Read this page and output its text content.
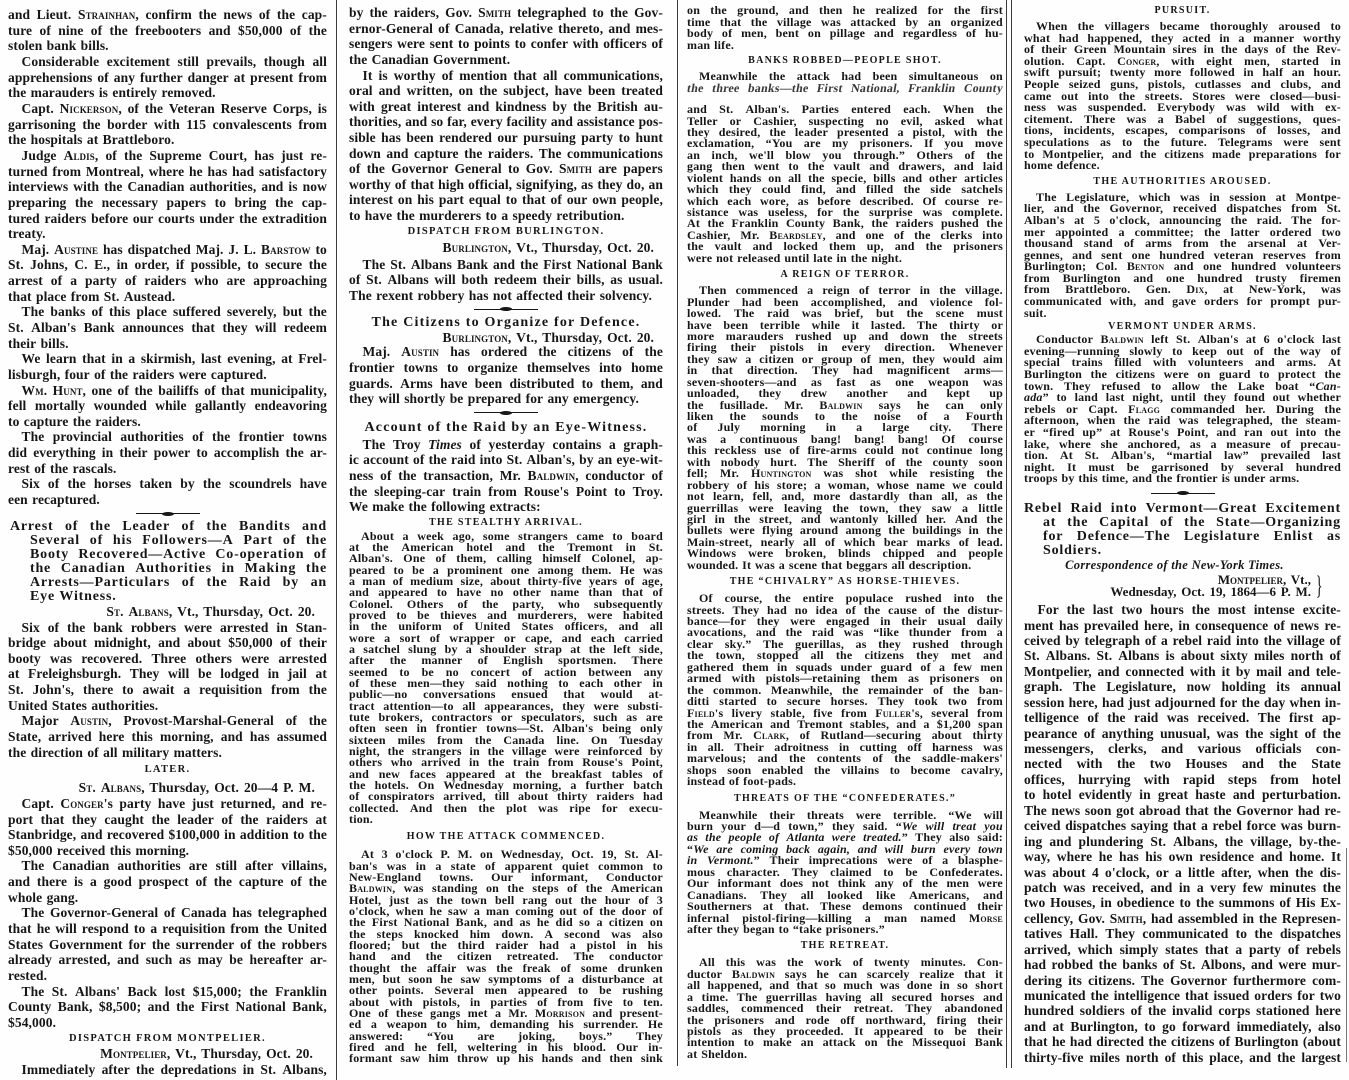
and Lieut. Strainhan, confirm the news of the cap-
ture of nine of the freebooters and $50,000 of the
stolen bank bills.
Considerable excitement still prevails, though all
apprehensions of any further danger at present from
the marauders is entirely removed.
Capt. Nickerson, of the Veteran Reserve Corps, is
garrisoning the border with 115 convalescents from
the hospitals at Brattleboro.
Judge Aldis, of the Supreme Court, has just re-
turned from Montreal, where he has had satisfactory
interviews with the Canadian authorities, and is now
preparing the necessary papers to bring the cap-
tured raiders before our courts under the extradition
treaty.
Maj. Austine has dispatched Maj. J. L. Barstow to
St. Johns, C. E., in order, if possible, to secure the
arrest of a party of raiders who are approaching
that place from St. Austead.
The banks of this place suffered severely, but the
St. Alban's Bank announces that they will redeem
their bills.
We learn that in a skirmish, last evening, at Frel-
lisburgh, four of the raiders were captured.
Wm. Hunt, one of the bailiffs of that municipality,
fell mortally wounded while gallantly endeavoring
to capture the raiders.
The provincial authorities of the frontier towns
did everything in their power to accomplish the ar-
rest of the rascals.
Six of the horses taken by the scoundrels have
een recaptured.
Arrest of the Leader of the Bandits and
Several of his Followers—A Part of the
Booty Recovered—Active Co-operation of
the Canadian Authorities in Making the
Arrests—Particulars of the Raid by an
Eye Witness.
St. Albans, Vt., Thursday, Oct. 20.
Six of the bank robbers were arrested in Stan-
bridge about midnight, and about $50,000 of their
booty was recovered. Three others were arrested
at Freleighsburgh. They will be lodged in jail at
St. John's, there to await a requisition from the
United States authorities.
Major Austin, Provost-Marshal-General of the
State, arrived here this morning, and has assumed
the direction of all military matters.
LATER.
St. Albans, Thursday, Oct. 20—4 P. M.
Capt. Conger's party have just returned, and re-
port that they caught the leader of the raiders at
Stanbridge, and recovered $100,000 in addition to the
$50,000 received this morning.
The Canadian authorities are still after villains,
and there is a good prospect of the capture of the
whole gang.
The Governor-General of Canada has telegraphed
that he will respond to a requisition from the United
States Government for the surrender of the robbers
already arrested, and such as may be hereafter ar-
rested.
The St. Albans' Back lost $15,000; the Franklin
County Bank, $8,500; and the First National Bank,
$54,000.
DISPATCH FROM MONTPELIER.
Montpelier, Vt., Thursday, Oct. 20.
Immediately after the depredations in St. Albans,
by the raiders, Gov. Smith telegraphed to the Gov-
ernor-General of Canada, relative thereto, and mes-
sengers were sent to points to confer with officers of
the Canadian Government.
It is worthy of mention that all communications,
oral and written, on the subject, have been treated
with great interest and kindness by the British au-
thorities, and so far, every facility and assistance pos-
sible has been rendered our pursuing party to hunt
down and capture the raiders. The communications
of the Governor General to Gov. Smith are papers
worthy of that high official, signifying, as they do, an
interest on his part equal to that of our own people,
to have the murderers to a speedy retribution.
DISPATCH FROM BURLINGTON.
Burlington, Vt., Thursday, Oct. 20.
The St. Albans Bank and the First National Bank
of St. Albans will both redeem their bills, as usual.
The rexent robbery has not affected their solvency.
The Citizens to Organize for Defence.
Burlington, Vt., Thursday, Oct. 20.
Maj. Austin has ordered the citizens of the
frontier towns to organize themselves into home
guards. Arms have been distributed to them, and
they will shortly be prepared for any emergency.
Account of the Raid by an Eye-Witness.
The Troy Times of yesterday contains a graph-
ic account of the raid into St. Alban's, by an eye-wit-
ness of the transaction, Mr. Baldwin, conductor of
the sleeping-car train from Rouse's Point to Troy.
We make the following extracts:
THE STEALTHY ARRIVAL.
About a week ago, some strangers came to board
at the American hotel and the Tremont in St.
Alban's. One of them, calling himself Colonel, ap-
peared to be a prominent one among them. He was
a man of medium size, about thirty-five years of age,
and appeared to have no other name than that of
Colonel. Others of the party, who subsequently
proved to be thieves and murderers, were habited
in the uniform of United States officers, and all
wore a sort of wrapper or cape, and each carried
a satchel slung by a shoulder strap at the left side,
after the manner of English sportsmen. There
seemed to be no concert of action between any
of these men—they said nothing to each other in
public—no conversations ensued that would at-
tract attention—to all appearances, they were substi-
tute brokers, contractors or speculators, such as are
often seen in frontier towns—St. Alban's being only
sixteen miles from the Canada line. On Tuesday
night, the strangers in the village were reinforced by
others who arrived in the train from Rouse's Point,
and new faces appeared at the breakfast tables of
the hotels. On Wednesday morning, a further batch
of conspirators arrived, till about thirty raiders had
collected. And then the plot was ripe for execu-
tion.
HOW THE ATTACK COMMENCED.
At 3 o'clock P. M. on Wednesday, Oct. 19, St. Al-
ban's was in a state of apparent quiet common to
New-England towns. Our informant, Conductor
Baldwin, was standing on the steps of the American
Hotel, just as the town bell rang out the hour of 3
o'clock, when he saw a man coming out of the door of
the First National Bank, and as he did so a citizen on
the steps knocked him down. A second was also
floored; but the third raider had a pistol in his
hand and the citizen retreated. The conductor
thought the affair was the freak of some drunken
men, but soon he saw symptoms of a disturbance at
other points. Several men appeared to be rushing
about with pistols, in parties of from five to ten.
One of these gangs met a Mr. Morrison and present-
ed a weapon to him, demanding his surrender. He
answered: “You are joking, boys.” They
fired and he fell, weltering in his blood. Our in-
formant saw him throw up his hands and then sink
on the ground, and then he realized for the first
time that the village was attacked by an organized
body of men, bent on pillage and regardless of hu-
man life.
BANKS ROBBED—PEOPLE SHOT.
Meanwhile the attack had been simultaneous on
the three banks—the First National, Franklin County
and St. Alban's. Parties entered each. When the
Teller or Cashier, suspecting no evil, asked what
they desired, the leader presented a pistol, with the
exclamation, “You are my prisoners. If you move
an inch, we'll blow you through.” Others of the
gang then went to the vault and drawers, and laid
violent hands on all the specie, bills and other articles
which they could find, and filled the side satchels
which each wore, as before described. Of course re-
sistance was useless, for the surprise was complete.
At the Franklin County Bank, the raiders pushed the
Cashier, Mr. Beardsley, and one of the clerks into
the vault and locked them up, and the prisoners
were not released until late in the night.
A REIGN OF TERROR.
Then commenced a reign of terror in the village.
Plunder had been accomplished, and violence fol-
lowed. The raid was brief, but the scene must
have been terrible while it lasted. The thirty or
more marauders rushed up and down the streets
firing their pistols in every direction. Whenever
they saw a citizen or group of men, they would aim
in that direction. They had magnificent arms—
seven-shooters—and as fast as one weapon was
unloaded, they drew another and kept up
the fusillade. Mr. Baldwin says he can only
liken the sounds to the noise of a Fourth
of July morning in a large city. There
was a continuous bang! bang! bang! Of course
this reckless use of fire-arms could not continue long
with nobody hurt. The Sheriff of the county soon
fell; Mr. Huntington was shot while resisting the
robbery of his store; a woman, whose name we could
not learn, fell, and, more dastardly than all, as the
guerrillas were leaving the town, they saw a little
girl in the street, and wantonly killed her. And the
bullets were flying around among the buildings in the
Main-street, nearly all of which bear marks of lead.
Windows were broken, blinds chipped and people
wounded. It was a scene that beggars all description.
THE “CHIVALRY” AS HORSE-THIEVES.
Of course, the entire populace rushed into the
streets. They had no idea of the cause of the distur-
bance—for they were engaged in their usual daily
avocations, and the raid was “like thunder from a
clear sky.” The guerillas, as they rushed through
the town, stopped all the citizens they met and
gathered them in squads under guard of a few men
armed with pistols—retaining them as prisoners on
the common. Meanwhile, the remainder of the ban-
ditti started to secure horses. They took two from
Field's livery stable, five from Fuller's, several from
the American and Tremont stables, and a $1,200 span
from Mr. Clark, of Rutland—securing about thirty
in all. Their adroitness in cutting off harness was
marvelous; and the contents of the saddle-makers'
shops soon enabled the villains to become cavalry,
instead of foot-pads.
THREATS OF THE “CONFEDERATES.”
Meanwhile their threats were terrible. “We will
burn your d—d town,” they said. “We will treat you
as the people of Atlanta were treated.” They also said:
“We are coming back again, and will burn every town
in Vermont.” Their imprecations were of a blasphe-
mous character. They claimed to be Confederates.
Our informant does not think any of the men were
Canadians. They all looked like Americans, and
Southerners at that. These demons continued their
infernal pistol-firing—killing a man named Morse
after they began to “take prisoners.”
THE RETREAT.
All this was the work of twenty minutes. Con-
ductor Baldwin says he can scarcely realize that it
all happened, and that so much was done in so short
a time. The guerrillas having all secured horses and
saddles, commenced their retreat. They abandoned
the prisoners and rode off northward, firing their
pistols as they proceeded. It appeared to be their
intention to make an attack on the Missequoi Bank
at Sheldon.
PURSUIT.
When the villagers became thoroughly aroused to
what had happened, they acted in a manner worthy
of their Green Mountain sires in the days of the Rev-
olution. Capt. Conger, with eight men, started in
swift pursuit; twenty more followed in half an hour.
People seized guns, pistols, cutlasses and clubs, and
came out into the streets. Stores were closed—busi-
ness was suspended. Everybody was wild with ex-
citement. There was a Babel of suggestions, ques-
tions, incidents, escapes, comparisons of losses, and
speculations as to the future. Telegrams were sent
to Montpelier, and the citizens made preparations for
home defence.
THE AUTHORITIES AROUSED.
The Legislature, which was in session at Montpe-
lier, and the Governor, received dispatches from St.
Alban's at 5 o'clock, announcing the raid. The for-
mer appointed a committee; the latter ordered two
thousand stand of arms from the arsenal at Ver-
gennes, and sent one hundred veteran reserves from
Burlington; Col. Benton and one hundred volunteers
from Burlington and one hundred trusty firemen
from Brattleboro. Gen. Dix, at New-York, was
communicated with, and gave orders for prompt pur-
suit.
VERMONT UNDER ARMS.
Conductor Baldwin left St. Alban's at 6 o'clock last
evening—running slowly to keep out of the way of
special trains filled with volunteers and arms. At
Burlington the citizens were on guard to protect the
town. They refused to allow the Lake boat “Can-
ada” to land last night, until they found out whether
rebels or Capt. Flagg commanded her. During the
afternoon, when the raid was telegraphed, the steam-
er “fired up” at Rouse's Point, and ran out into the
lake, where she anchored, as a measure of precau-
tion. At St. Alban's, “martial law” prevailed last
night. It must be garrisoned by several hundred
troops by this time, and the frontier is under arms.
Rebel Raid into Vermont—Great Excitement
at the Capital of the State—Organizing
for Defence—The Legislature Enlist as
Soldiers.
Correspondence of the New-York Times.
Montpelier, Vt.,
Wednesday, Oct. 19, 1864—6 P. M. }
For the last two hours the most intense excite-
ment has prevailed here, in consequence of news re-
ceived by telegraph of a rebel raid into the village of
St. Albans. St. Albans is about sixty miles north of
Montpelier, and connected with it by mail and tele-
graph. The Legislature, now holding its annual
session here, had just adjourned for the day when in-
telligence of the raid was received. The first ap-
pearance of anything unusual, was the sight of the
messengers, clerks, and various officials con-
nected with the two Houses and the State
offices, hurrying with rapid steps from hotel
to hotel evidently in great haste and perturbation.
The news soon got abroad that the Governor had re-
ceived dispatches saying that a rebel force was burn-
ing and plundering St. Albans, the village, by-the-
way, where he has his own residence and home. It
was about 4 o'clock, or a little after, when the dis-
patch was received, and in a very few minutes the
two Houses, in obedience to the summons of His Ex-
cellency, Gov. Smith, had assembled in the Represen-
tatives Hall. They communicated to the dispatches
arrived, which simply states that a party of rebels
had robbed the banks of St. Albons, and were mur-
dering its citizens. The Governor furthermore com-
municated the intelligence that issued orders for two
hundred soldiers of the invalid corps stationed here
and at Burlington, to go forward immediately, also
that he had directed the citizens of Burlington (about
thirty-five miles north of this place, and the largest
